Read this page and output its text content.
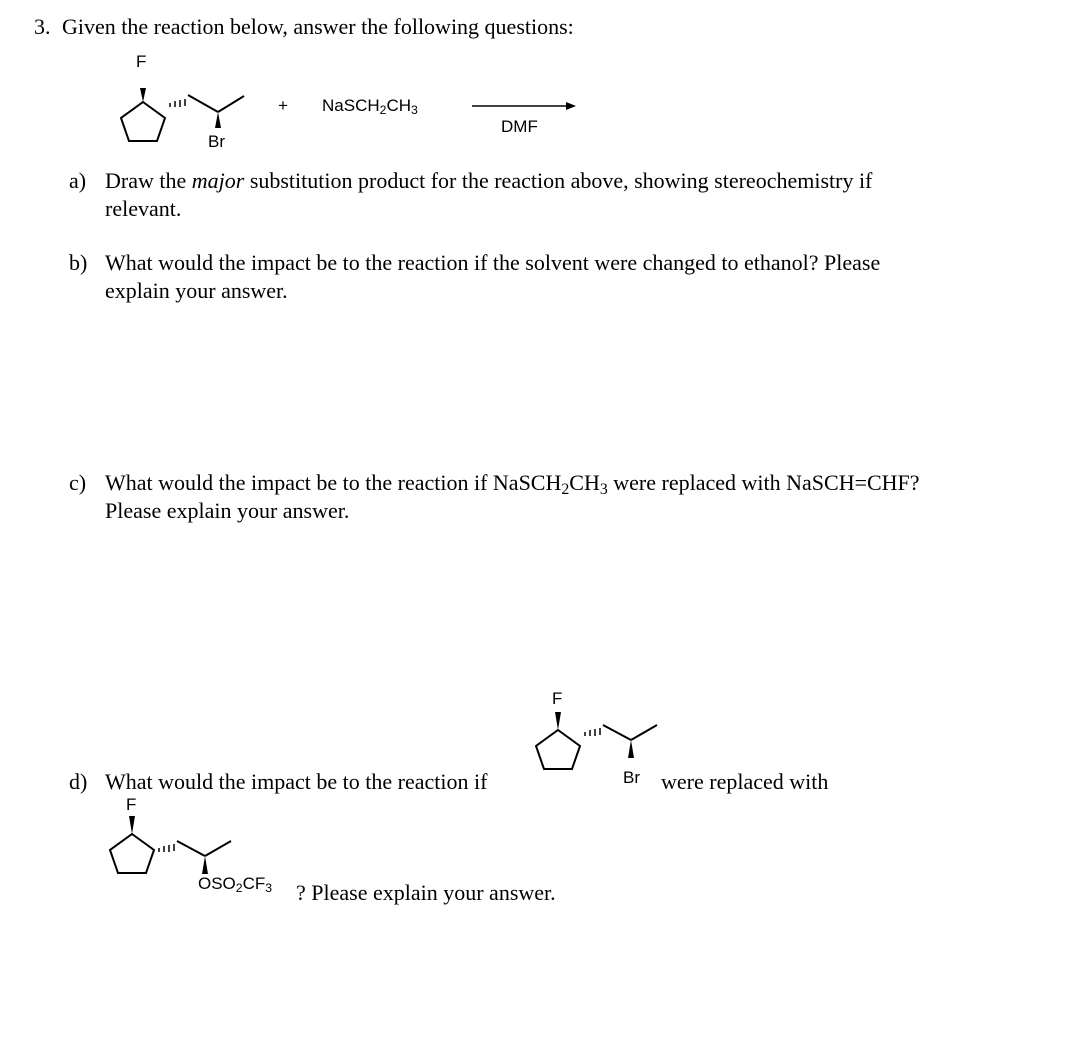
3. Given the reaction below, answer the following questions:
F
Br
+ $NaSCH_2CH_3$
DMF
a) Draw the major substitution product for the reaction above, showing stereochemistry if
relevant.
b) What would the impact be to the reaction if the solvent were changed to ethanol? Please
explain your answer.
c) What would the impact be to the reaction if $NaSCH_2CH_3$ were replaced with NaSCH=CHF?
Please explain your answer.
d) What would the impact be to the reaction if
F
Br were replaced with
F
$OSO_2CF_3$ ? Please explain your answer.
